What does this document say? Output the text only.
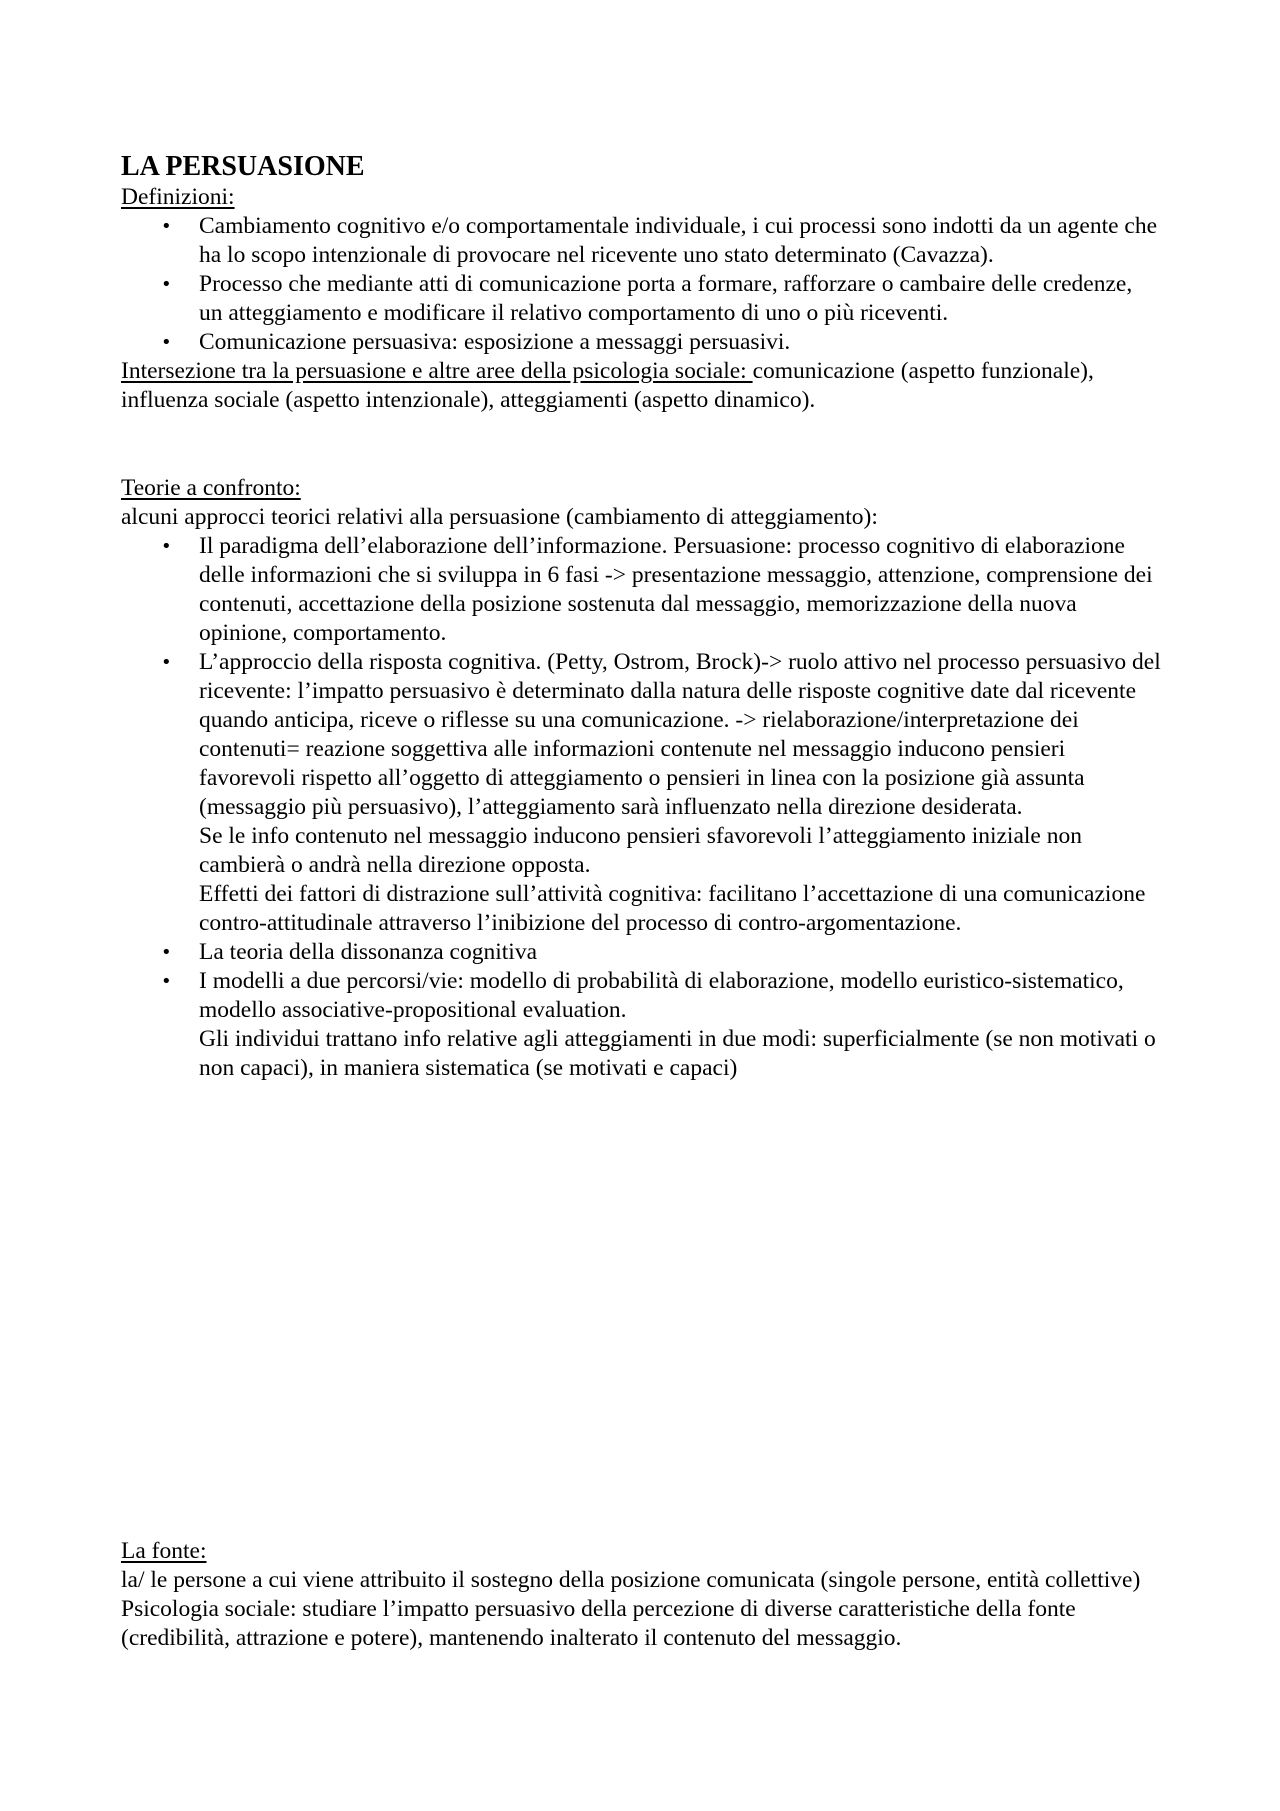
LA PERSUASIONE

Definizioni:

• Cambiamento cognitivo e/o comportamentale individuale, i cui processi sono indotti da un agente che ha lo scopo intenzionale di provocare nel ricevente uno stato determinato (Cavazza).
• Processo che mediante atti di comunicazione porta a formare, rafforzare o cambaire delle credenze, un atteggiamento e modificare il relativo comportamento di uno o più riceventi.
• Comunicazione persuasiva: esposizione a messaggi persuasivi.

Intersezione tra la persuasione e altre aree della psicologia sociale: comunicazione (aspetto funzionale), influenza sociale (aspetto intenzionale), atteggiamenti (aspetto dinamico).

Teorie a confronto:

alcuni approcci teorici relativi alla persuasione (cambiamento di atteggiamento):

• Il paradigma dell’elaborazione dell’informazione. Persuasione: processo cognitivo di elaborazione delle informazioni che si sviluppa in 6 fasi -> presentazione messaggio, attenzione, comprensione dei contenuti, accettazione della posizione sostenuta dal messaggio, memorizzazione della nuova opinione, comportamento.
• L’approccio della risposta cognitiva. (Petty, Ostrom, Brock)-> ruolo attivo nel processo persuasivo del ricevente: l’impatto persuasivo è determinato dalla natura delle risposte cognitive date dal ricevente quando anticipa, riceve o riflesse su una comunicazione. -> rielaborazione/interpretazione dei contenuti= reazione soggettiva alle informazioni contenute nel messaggio inducono pensieri favorevoli rispetto all’oggetto di atteggiamento o pensieri in linea con la posizione già assunta (messaggio più persuasivo), l’atteggiamento sarà influenzato nella direzione desiderata.
Se le info contenuto nel messaggio inducono pensieri sfavorevoli l’atteggiamento iniziale non cambierà o andrà nella direzione opposta.
Effetti dei fattori di distrazione sull’attività cognitiva: facilitano l’accettazione di una comunicazione contro-attitudinale attraverso l’inibizione del processo di contro-argomentazione.
• La teoria della dissonanza cognitiva
• I modelli a due percorsi/vie: modello di probabilità di elaborazione, modello euristico-sistematico, modello associative-propositional evaluation.
Gli individui trattano info relative agli atteggiamenti in due modi: superficialmente (se non motivati o non capaci), in maniera sistematica (se motivati e capaci)

La fonte:

la/ le persone a cui viene attribuito il sostegno della posizione comunicata (singole persone, entità collettive)

Psicologia sociale: studiare l’impatto persuasivo della percezione di diverse caratteristiche della fonte (credibilità, attrazione e potere), mantenendo inalterato il contenuto del messaggio.
